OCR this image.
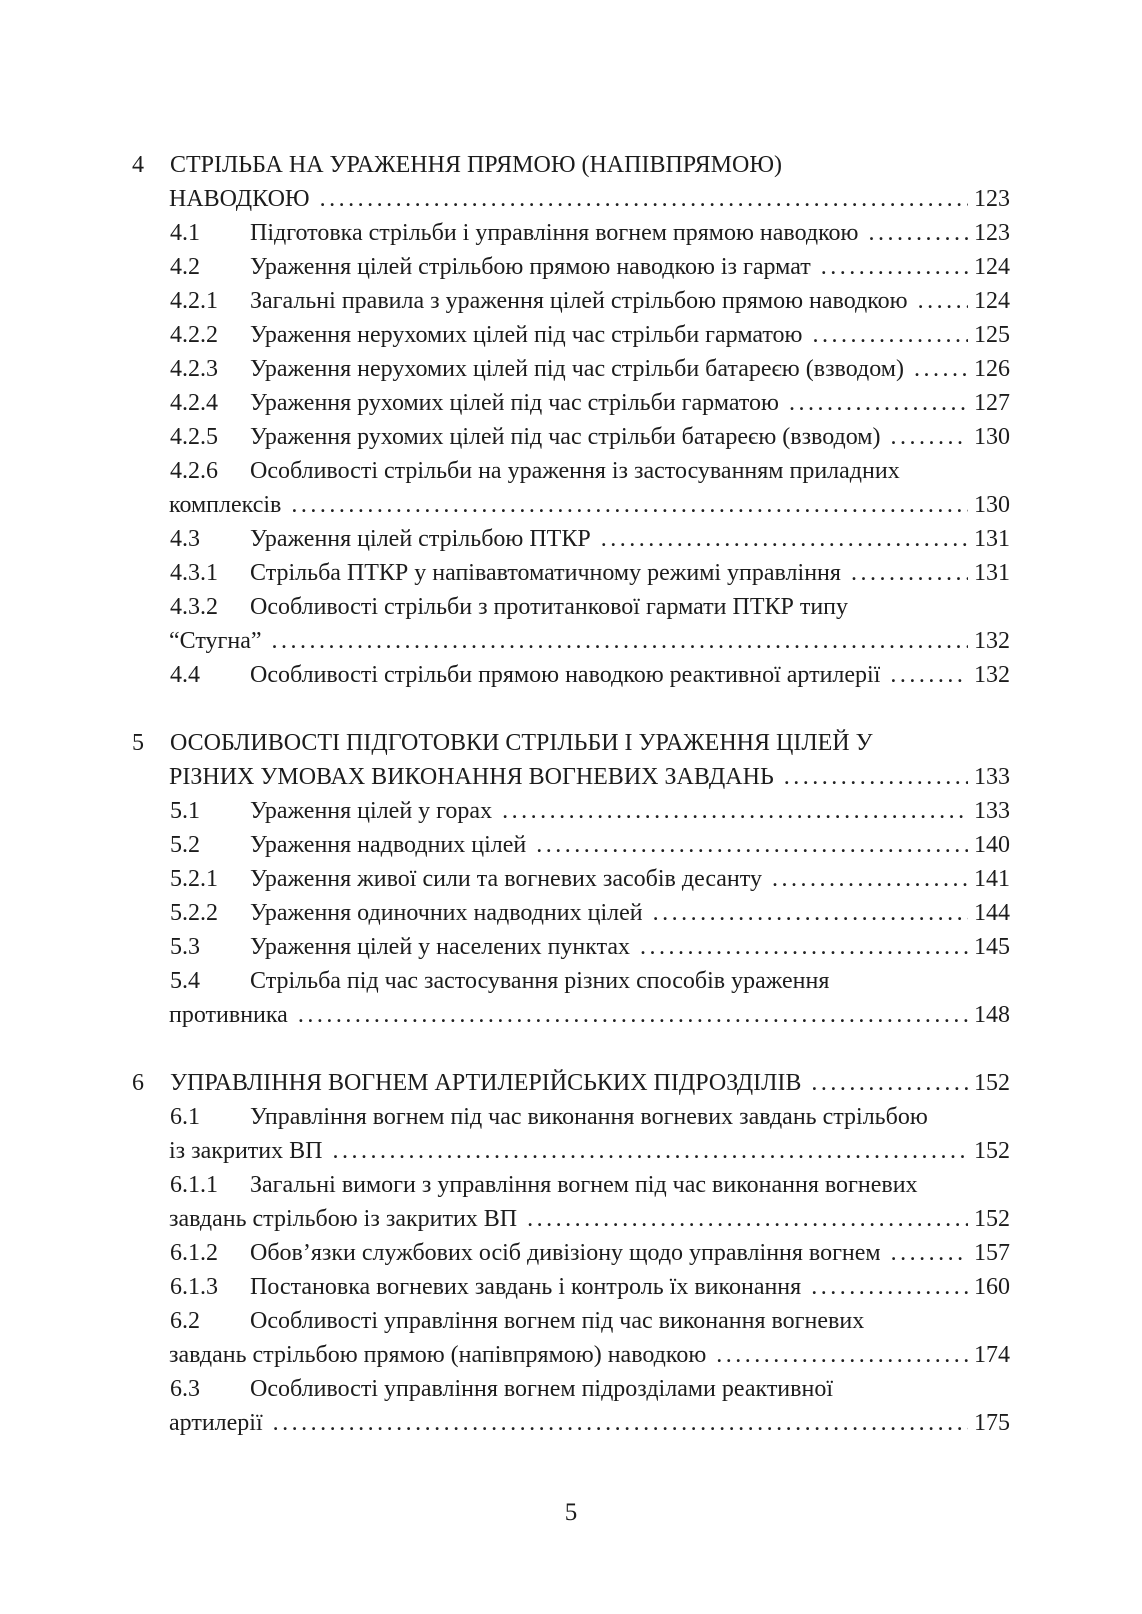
4	СТРІЛЬБА НА УРАЖЕННЯ ПРЯМОЮ (НАПІВПРЯМОЮ)
НАВОДКОЮ .....	123
4.1	Підготовка стрільби і управління вогнем прямою наводкою .....	123
4.2	Ураження цілей стрільбою прямою наводкою із гармат .....	124
4.2.1	Загальні правила з ураження цілей стрільбою прямою наводкою .....	124
4.2.2	Ураження нерухомих цілей під час стрільби гарматою .....	125
4.2.3	Ураження нерухомих цілей під час стрільби батареєю (взводом) .....	126
4.2.4	Ураження рухомих цілей під час стрільби гарматою .....	127
4.2.5	Ураження рухомих цілей під час стрільби батареєю (взводом) .....	130
4.2.6	Особливості стрільби на ураження із застосуванням приладних
комплексів .....	130
4.3	Ураження цілей стрільбою ПТКР .....	131
4.3.1	Стрільба ПТКР у напівавтоматичному режимі управління .....	131
4.3.2	Особливості стрільби з протитанкової гармати ПТКР типу
“Стугна” .....	132
4.4	Особливості стрільби прямою наводкою реактивної артилерії .....	132
5	ОСОБЛИВОСТІ ПІДГОТОВКИ СТРІЛЬБИ І УРАЖЕННЯ ЦІЛЕЙ У
РІЗНИХ УМОВАХ ВИКОНАННЯ ВОГНЕВИХ ЗАВДАНЬ .....	133
5.1	Ураження цілей у горах .....	133
5.2	Ураження надводних цілей .....	140
5.2.1	Ураження живої сили та вогневих засобів десанту .....	141
5.2.2	Ураження одиночних надводних цілей .....	144
5.3	Ураження цілей у населених пунктах .....	145
5.4	Стрільба під час застосування різних способів ураження
противника .....	148
6	УПРАВЛІННЯ ВОГНЕМ АРТИЛЕРІЙСЬКИХ ПІДРОЗДІЛІВ .....	152
6.1	Управління вогнем під час виконання вогневих завдань стрільбою
із закритих ВП .....	152
6.1.1	Загальні вимоги з управління вогнем під час виконання вогневих
завдань стрільбою із закритих ВП .....	152
6.1.2	Обов’язки службових осіб дивізіону щодо управління вогнем .....	157
6.1.3	Постановка вогневих завдань і контроль їх виконання .....	160
6.2	Особливості управління вогнем під час виконання вогневих
завдань стрільбою прямою (напівпрямою) наводкою .....	174
6.3	Особливості управління вогнем підрозділами реактивної
артилерії .....	175
5
